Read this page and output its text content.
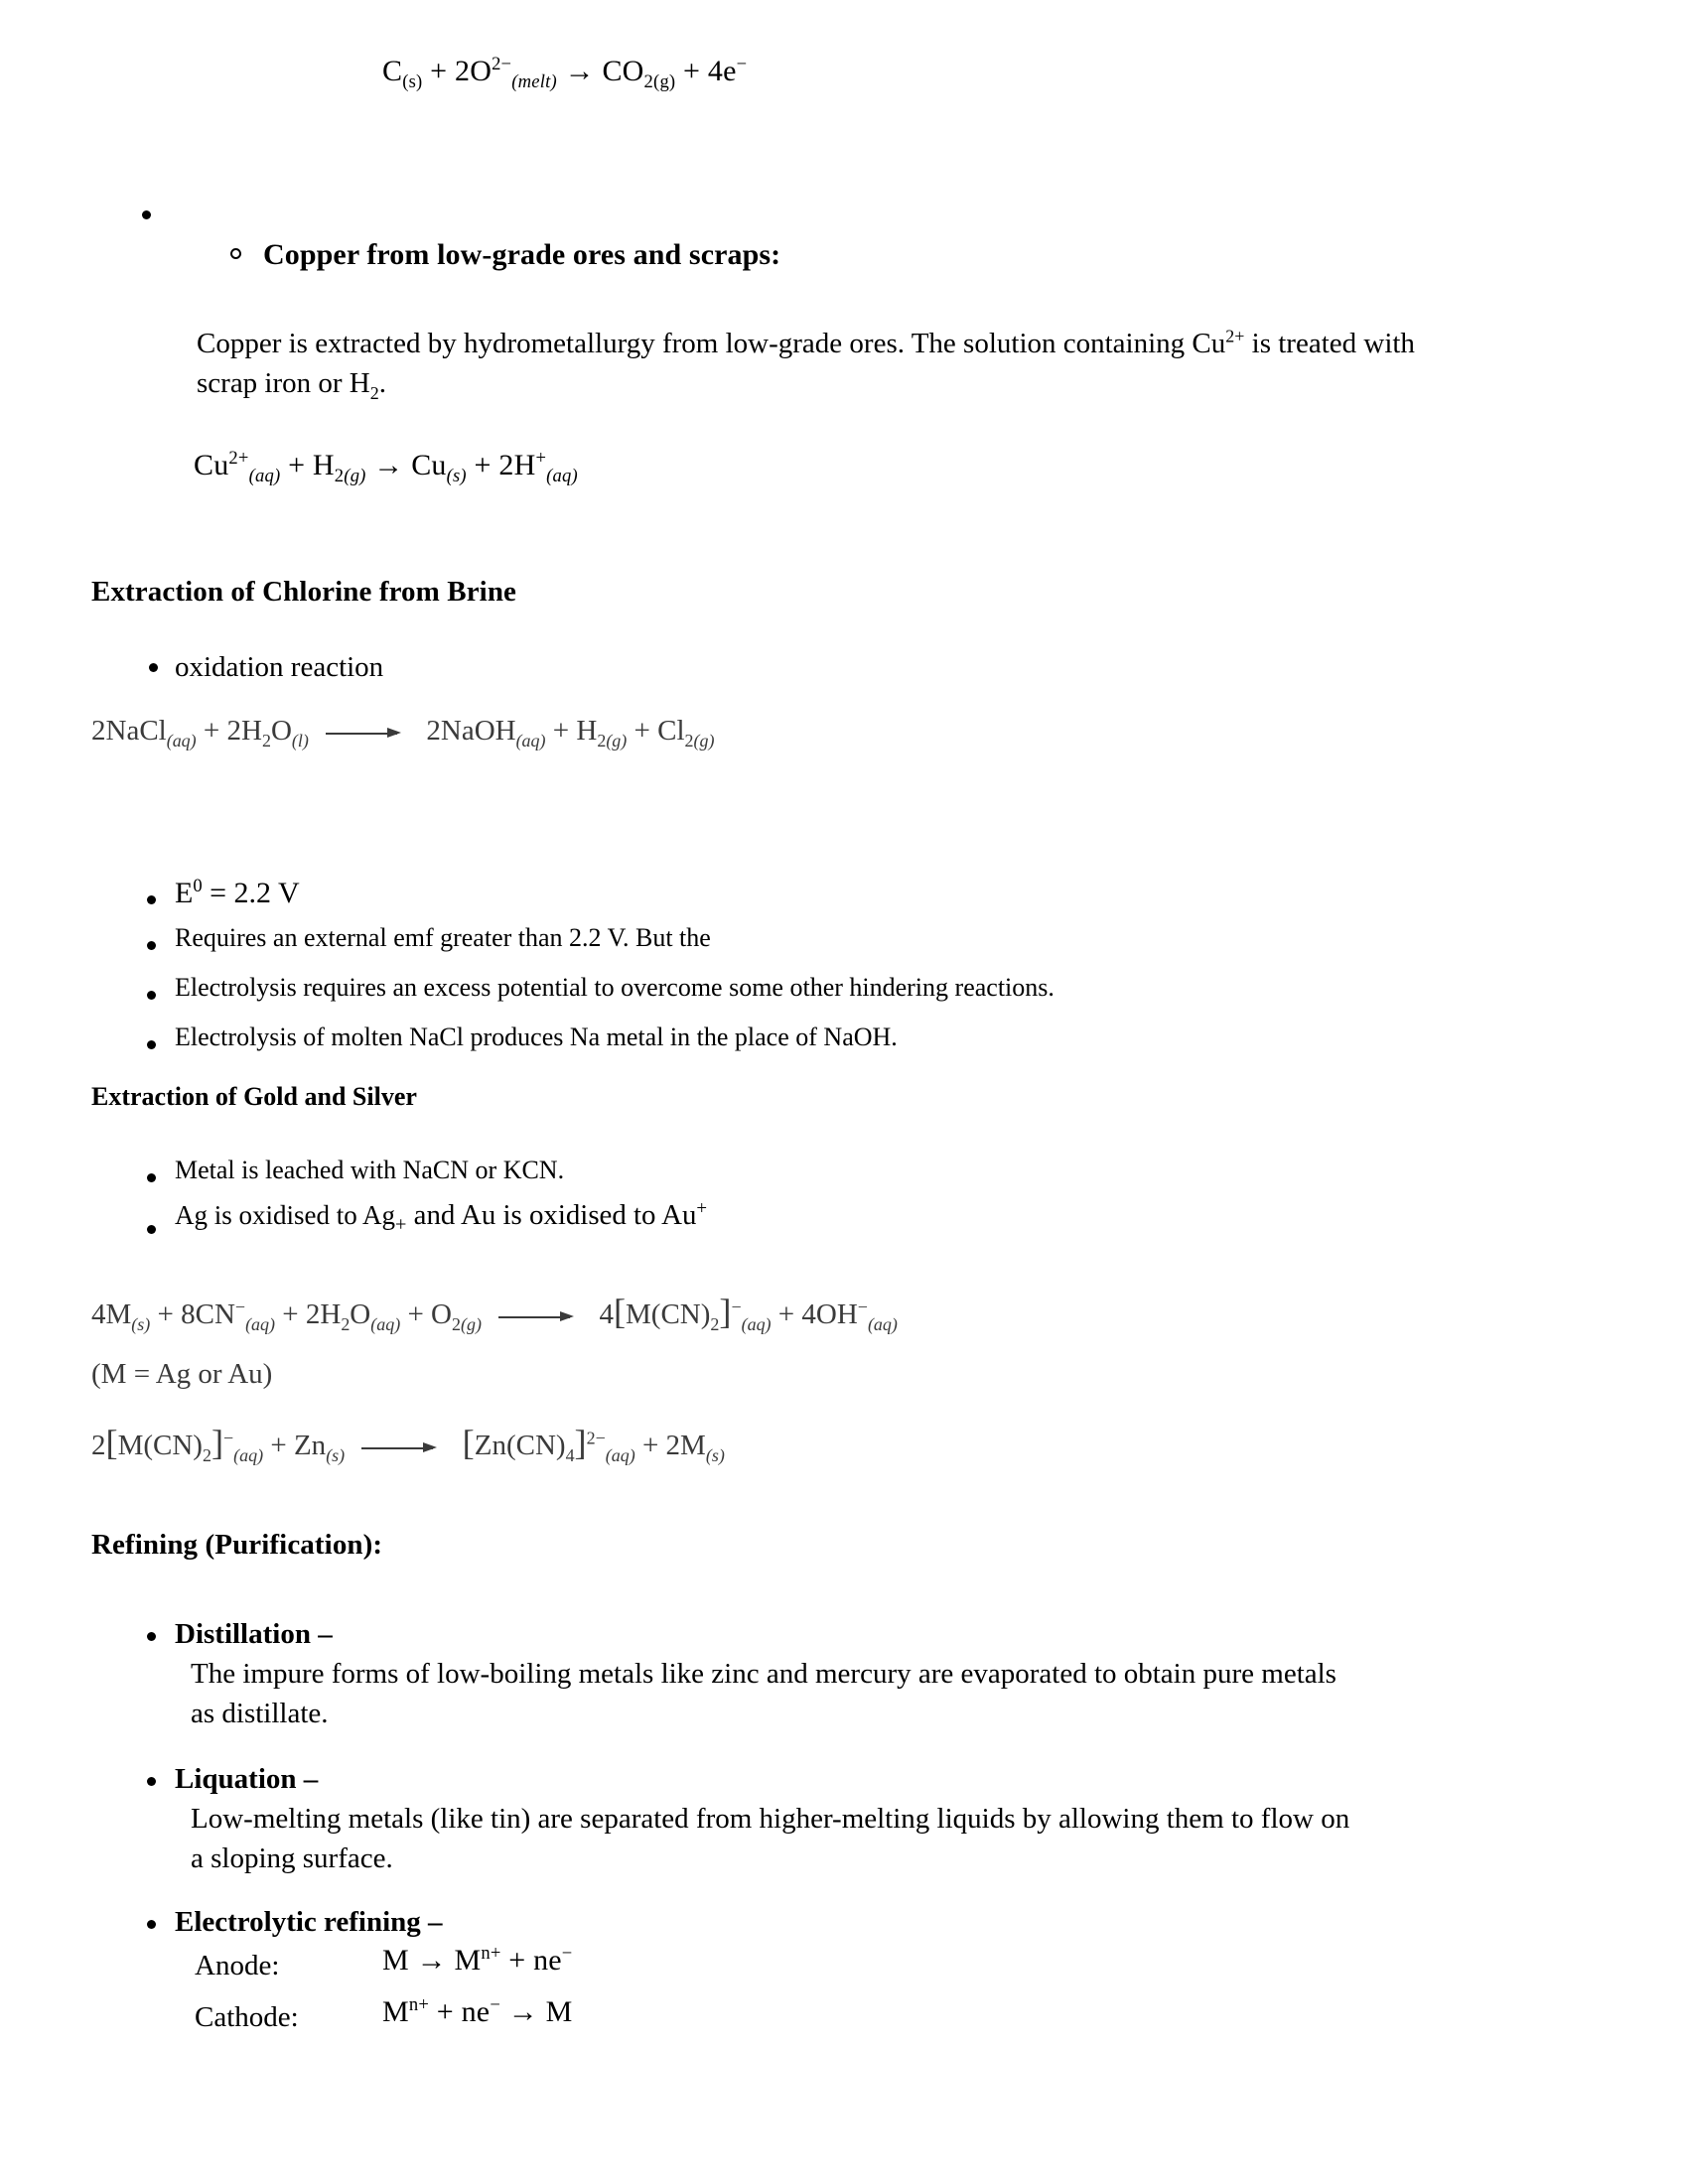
$C_{(s)} + 2O^{2-}_{(melt)} \to CO_{2(g)} + 4e^-$
Copper from low-grade ores and scraps:
Copper is extracted by hydrometallurgy from low-grade ores. The solution containing $Cu^{2+}$ is treated with scrap iron or $H_2$.
$Cu^{2+}_{(aq)} + H_{2(g)} \to Cu_{(s)} + 2H^+_{(aq)}$
Extraction of Chlorine from Brine
oxidation reaction
2NaCl$_{(aq)}$ + $2H_2O_{(l)}$	2NaOH$_{(aq)}$ + $H_{2(g)} + Cl_{2(g)}$
$E^0 = 2.2$ V
Requires an external emf greater than 2.2 V. But the
Electrolysis requires an excess potential to overcome some other hindering reactions.
Electrolysis of molten NaCl produces Na metal in the place of NaOH.
Extraction of Gold and Silver
Metal is leached with NaCN or KCN.
Ag is oxidised to $Ag_+$ and Au is oxidised to Au+
$4M_{(s)} + 8CN^-_{(aq)} + 2H_2O_{(aq)} + O_{2(g)}$	$4[M(CN)_2]^-_{(aq)} + 4OH^-_{(aq)}$
(M = Ag or Au)
$2[M(CN)_2]^-_{(aq)} + Zn_{(s)}$	$[Zn(CN)_4]^{2-}_{(aq)} + 2M_{(s)}$
Refining (Purification):
Distillation –
The impure forms of low-boiling metals like zinc and mercury are evaporated to obtain pure metals as distillate.
Liquation –
Low-melting metals (like tin) are separated from higher-melting liquids by allowing them to flow on a sloping surface.
Electrolytic refining –
Anode:	$M \to M^{n+} + ne^-$
Cathode:	$M^{n+} + ne^- \to M$
